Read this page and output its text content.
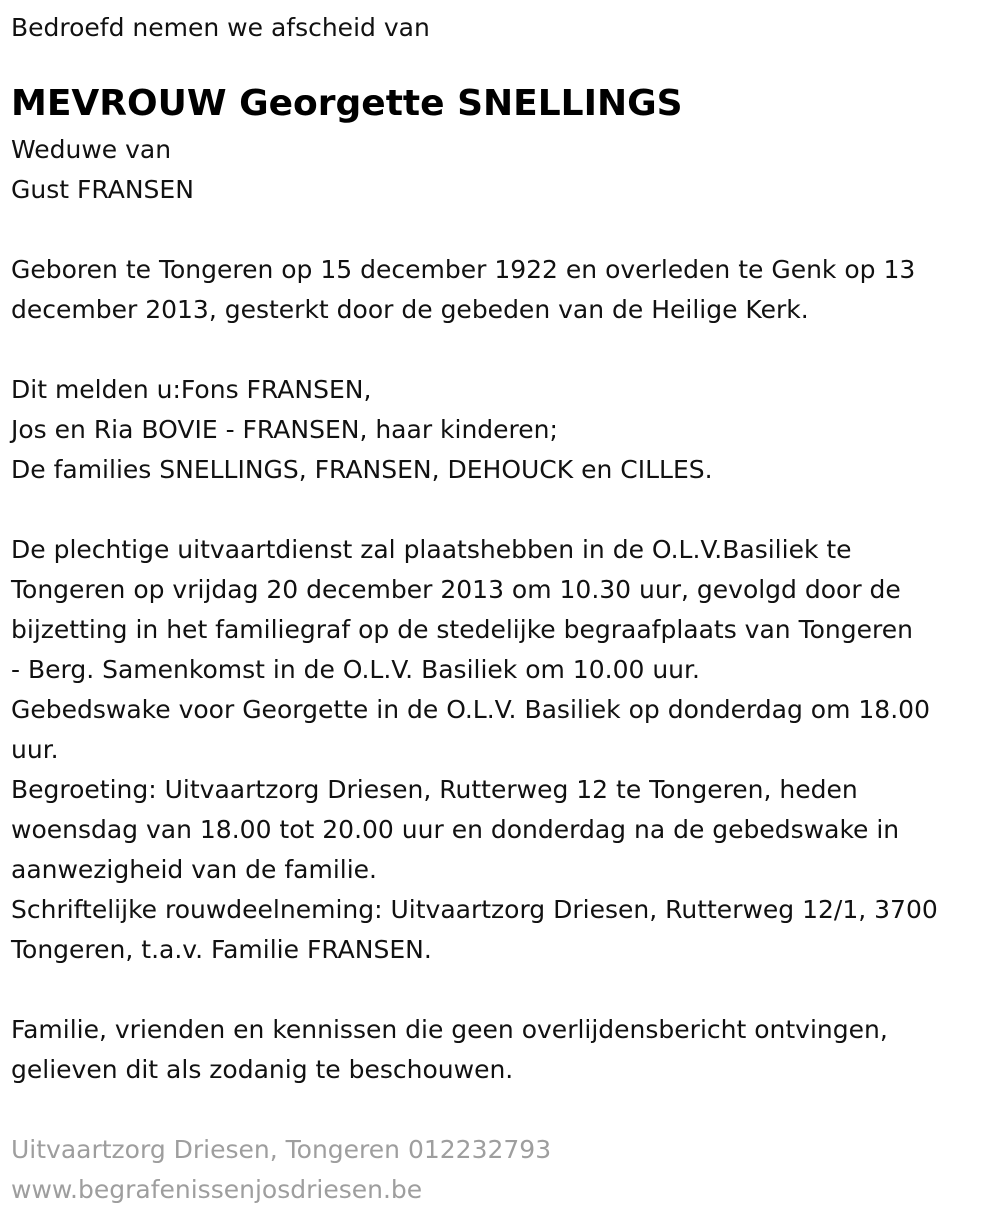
Bedroefd nemen we afscheid van

MEVROUW Georgette SNELLINGS

Weduwe van

Gust FRANSEN

Geboren te Tongeren op 15 december 1922 en overleden te Genk op 13

december 2013, gesterkt door de gebeden van de Heilige Kerk.

Dit melden u:Fons FRANSEN,

Jos en Ria BOVIE - FRANSEN, haar kinderen;

De families SNELLINGS, FRANSEN, DEHOUCK en CILLES.

De plechtige uitvaartdienst zal plaatshebben in de O.L.V.Basiliek te

Tongeren op vrijdag 20 december 2013 om 10.30 uur, gevolgd door de

bijzetting in het familiegraf op de stedelijke begraafplaats van Tongeren

- Berg. Samenkomst in de O.L.V. Basiliek om 10.00 uur.

Gebedswake voor Georgette in de O.L.V. Basiliek op donderdag om 18.00

uur.

Begroeting: Uitvaartzorg Driesen, Rutterweg 12 te Tongeren, heden

woensdag van 18.00 tot 20.00 uur en donderdag na de gebedswake in

aanwezigheid van de familie.

Schriftelijke rouwdeelneming: Uitvaartzorg Driesen, Rutterweg 12/1, 3700

Tongeren, t.a.v. Familie FRANSEN.

Familie, vrienden en kennissen die geen overlijdensbericht ontvingen,

gelieven dit als zodanig te beschouwen.

Uitvaartzorg Driesen, Tongeren 012232793

www.begrafenissenjosdriesen.be
